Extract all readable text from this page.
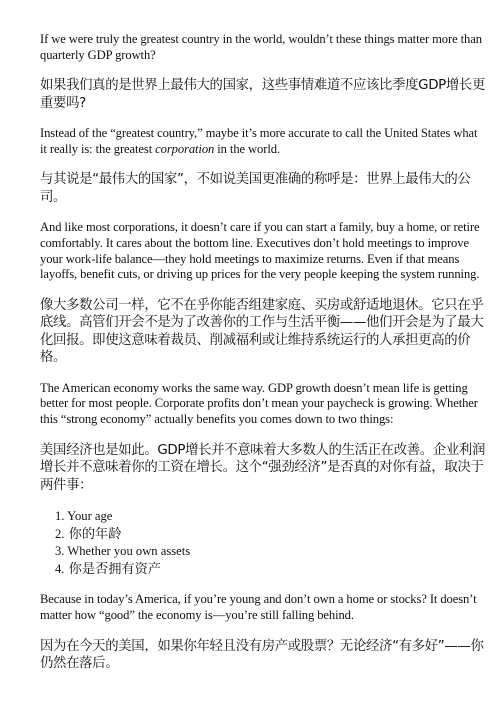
If we were truly the greatest country in the world, wouldn’t these things matter more than quarterly GDP growth?

如果我们真的是世界上最伟大的国家，这些事情难道不应该比季度GDP增长更重要吗?

Instead of the “greatest country,” maybe it’s more accurate to call the United States what it really is: the greatest corporation in the world.

与其说是“最伟大的国家”，不如说美国更准确的称呼是：世界上最伟大的公司。

And like most corporations, it doesn’t care if you can start a family, buy a home, or retire comfortably. It cares about the bottom line. Executives don’t hold meetings to improve your work-life balance—they hold meetings to maximize returns. Even if that means layoffs, benefit cuts, or driving up prices for the very people keeping the system running.

像大多数公司一样，它不在乎你能否组建家庭、买房或舒适地退休。它只在乎底线。高管们开会不是为了改善你的工作与生活平衡——他们开会是为了最大化回报。即使这意味着裁员、削减福利或让维持系统运行的人承担更高的价格。

The American economy works the same way. GDP growth doesn’t mean life is getting better for most people. Corporate profits don’t mean your paycheck is growing. Whether this “strong economy” actually benefits you comes down to two things:

美国经济也是如此。GDP增长并不意味着大多数人的生活正在改善。企业利润增长并不意味着你的工资在增长。这个“强劲经济”是否真的对你有益，取决于两件事：

1. Your age
2. 你的年龄
3. Whether you own assets
4. 你是否拥有资产

Because in today’s America, if you’re young and don’t own a home or stocks? It doesn’t matter how “good” the economy is—you’re still falling behind.

因为在今天的美国，如果你年轻且没有房产或股票？无论经济“有多好”——你仍然在落后。
